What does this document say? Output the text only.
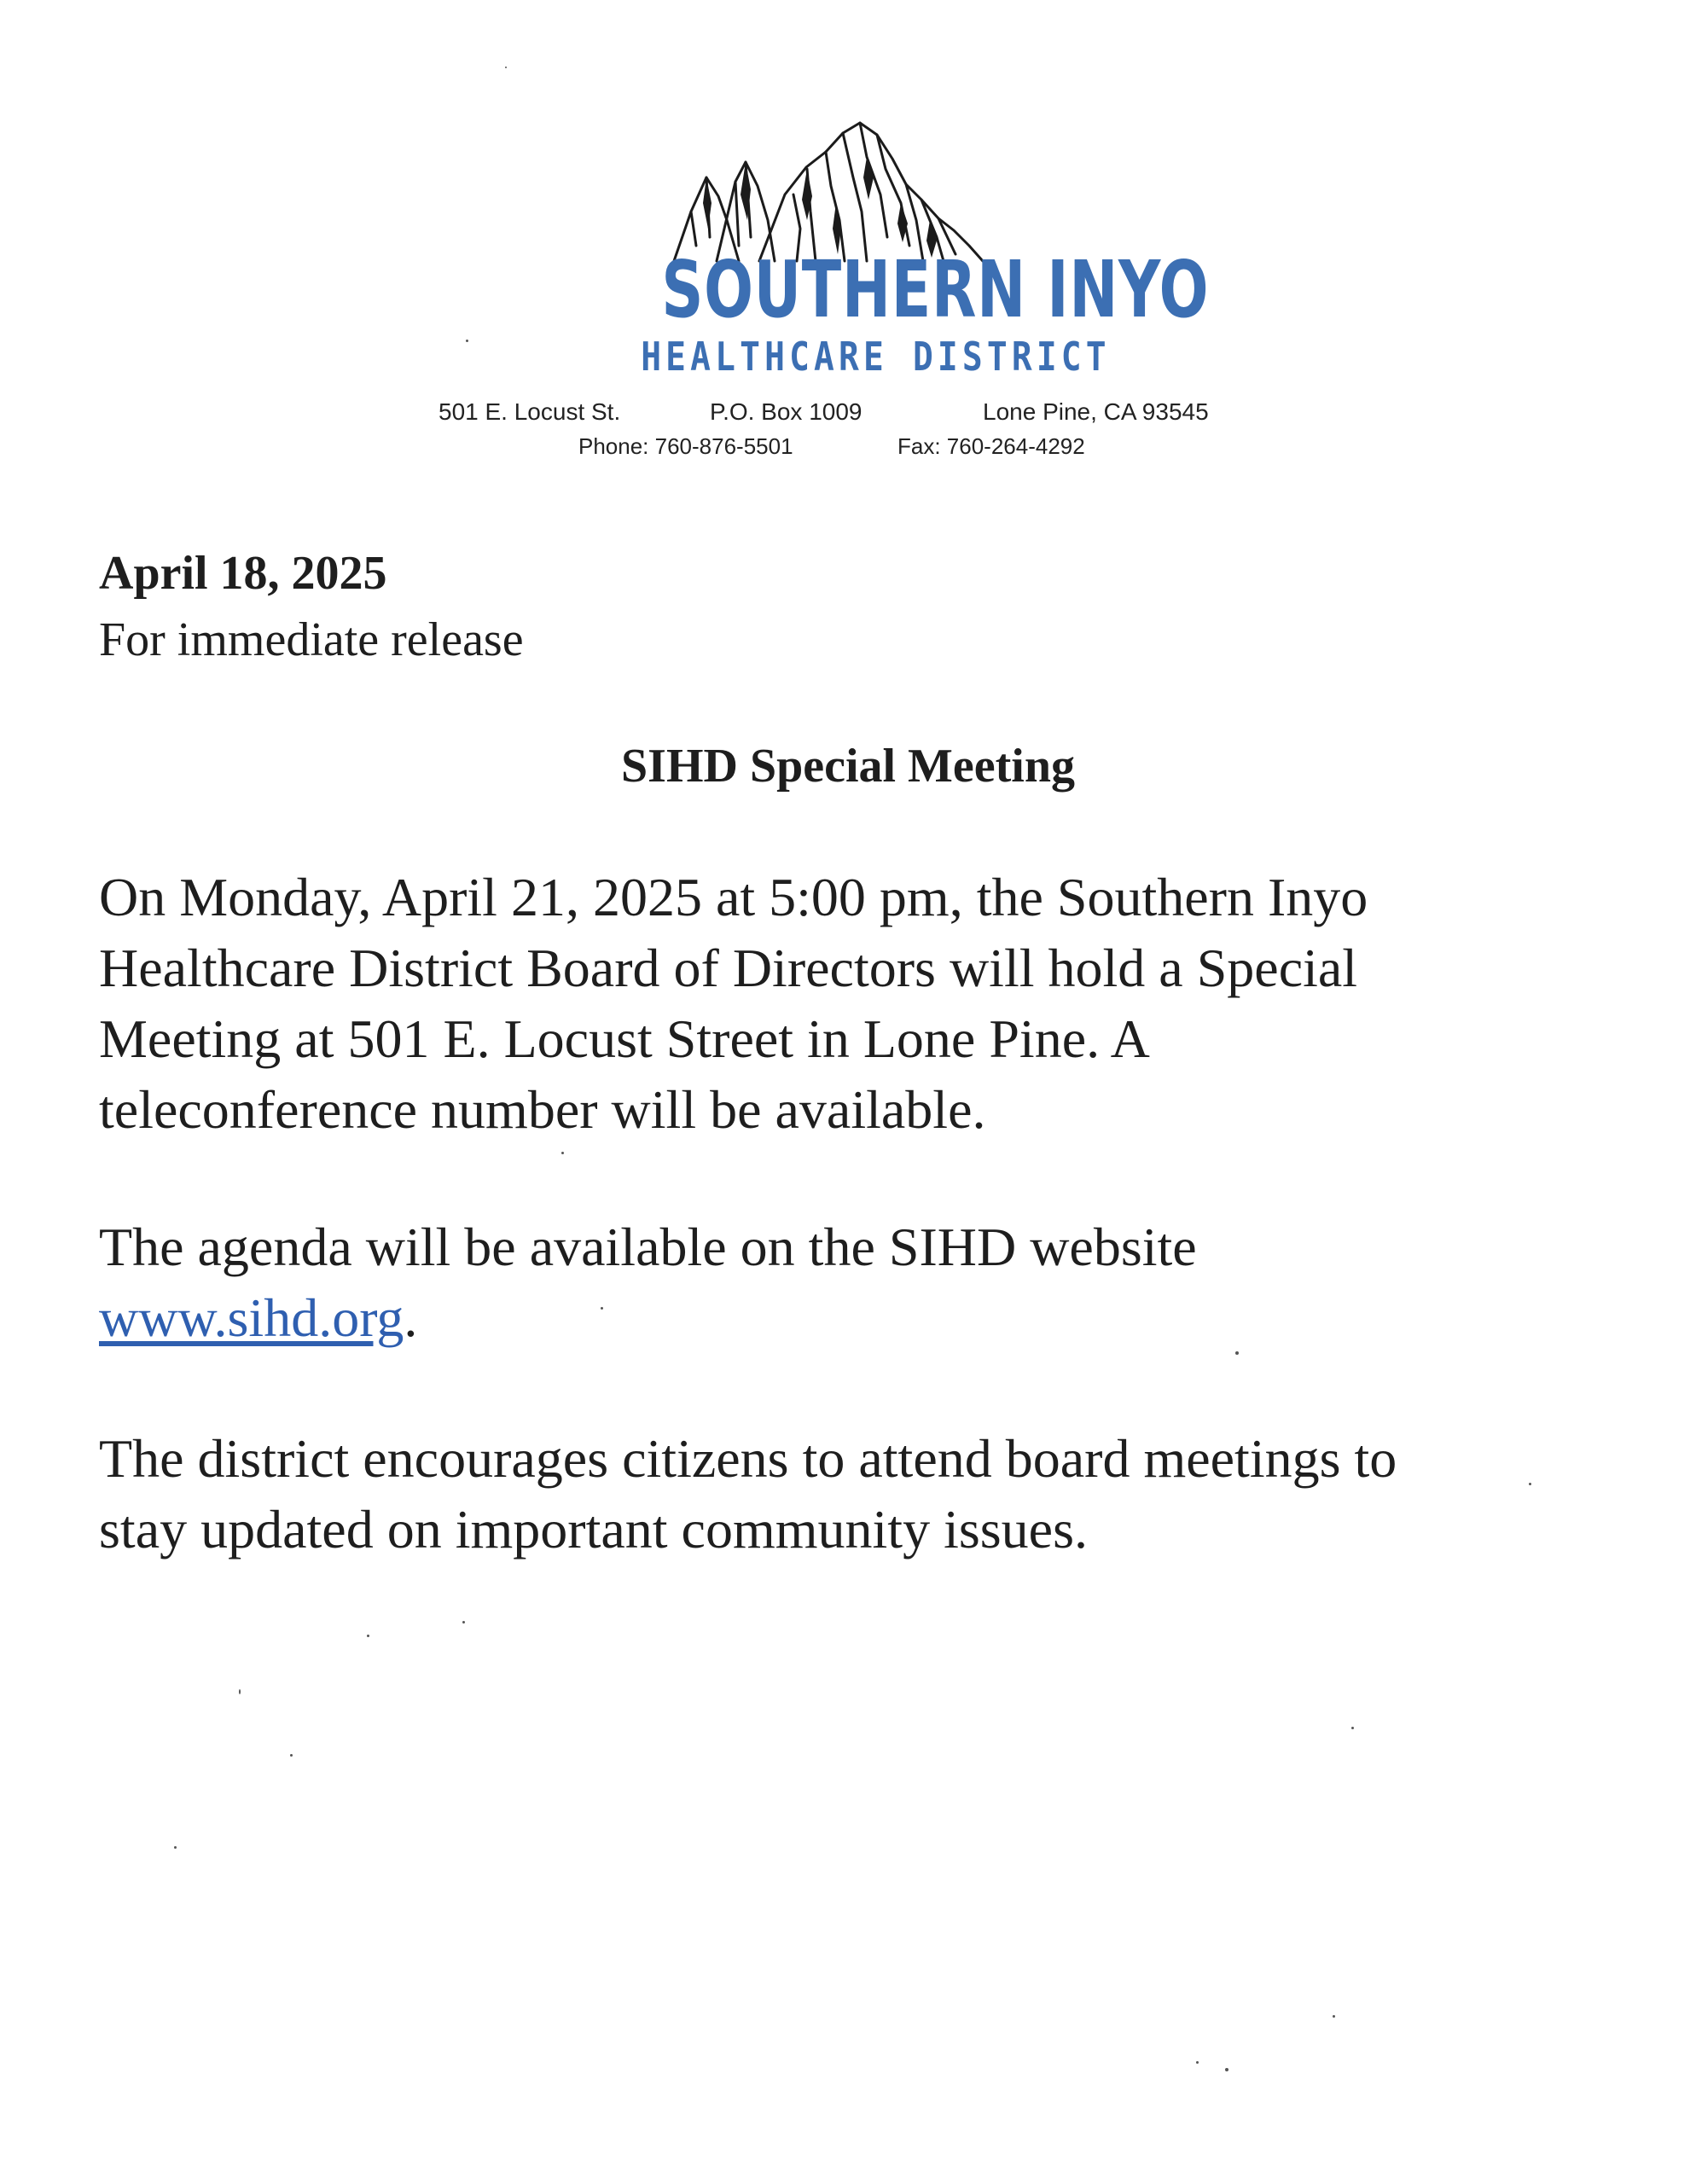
SOUTHERN INYO
HEALTHCARE DISTRICT
501 E. Locust St.	P.O. Box 1009	Lone Pine, CA 93545
Phone: 760-876-5501	Fax: 760-264-4292
April 18, 2025
For immediate release
SIHD Special Meeting
On Monday, April 21, 2025 at 5:00 pm, the Southern Inyo
Healthcare District Board of Directors will hold a Special
Meeting at 501 E. Locust Street in Lone Pine. A
teleconference number will be available.
The agenda will be available on the SIHD website
www.sihd.org.
The district encourages citizens to attend board meetings to
stay updated on important community issues.
